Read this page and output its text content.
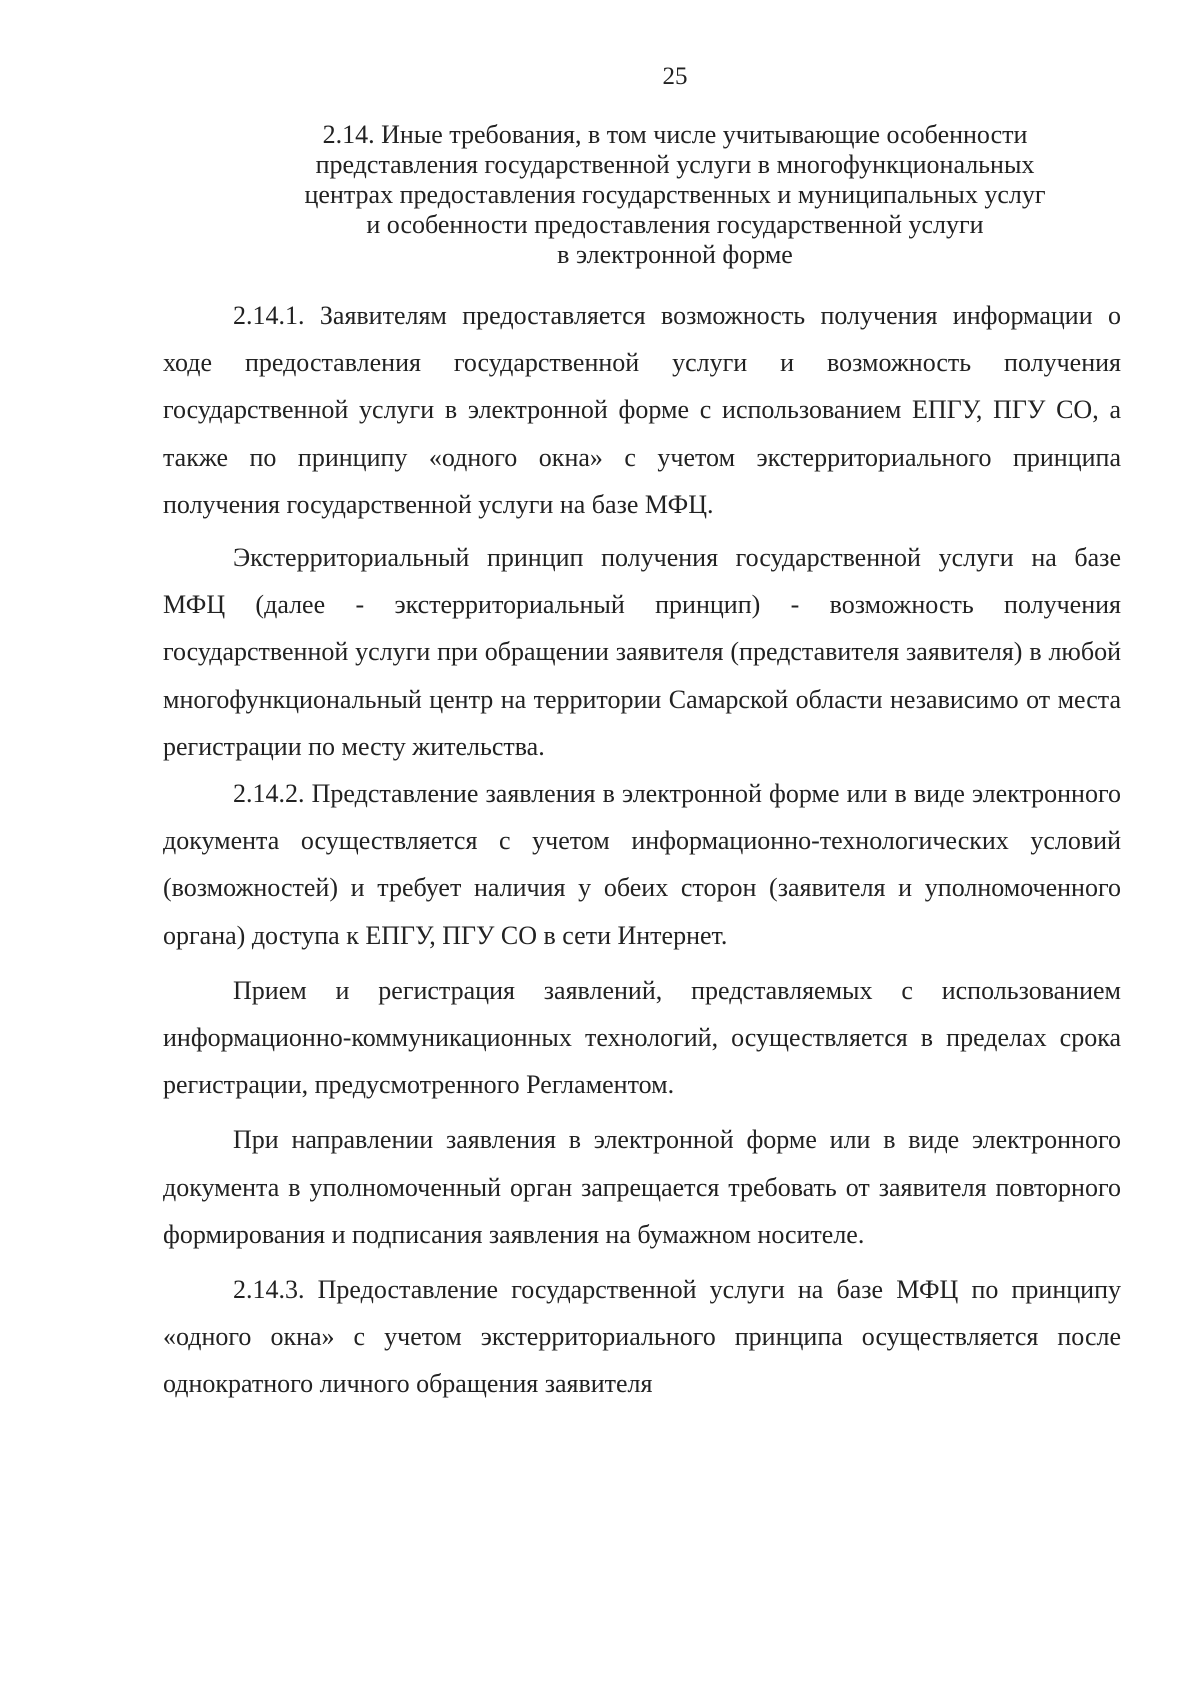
25

2.14. Иные требования, в том числе учитывающие особенности
представления государственной услуги в многофункциональных
центрах предоставления государственных и муниципальных услуг
и особенности предоставления государственной услуги
в электронной форме

2.14.1. Заявителям предоставляется возможность получения информации о ходе предоставления государственной услуги и возможность получения государственной услуги в электронной форме с использованием ЕПГУ, ПГУ СО, а также по принципу «одного окна» с учетом экстерриториального принципа получения государственной услуги на базе МФЦ.

Экстерриториальный принцип получения государственной услуги на базе МФЦ (далее - экстерриториальный принцип) - возможность получения государственной услуги при обращении заявителя (представителя заявителя) в любой многофункциональный центр на территории Самарской области независимо от места регистрации по месту жительства.

2.14.2. Представление заявления в электронной форме или в виде электронного документа осуществляется с учетом информационно-технологических условий (возможностей) и требует наличия у обеих сторон (заявителя и уполномоченного органа) доступа к ЕПГУ, ПГУ СО в сети Интернет.

Прием и регистрация заявлений, представляемых с использованием информационно-коммуникационных технологий, осуществляется в пределах срока регистрации, предусмотренного Регламентом.

При направлении заявления в электронной форме или в виде электронного документа в уполномоченный орган запрещается требовать от заявителя повторного формирования и подписания заявления на бумажном носителе.

2.14.3. Предоставление государственной услуги на базе МФЦ по принципу «одного окна» с учетом экстерриториального принципа осуществляется после однократного личного обращения заявителя
